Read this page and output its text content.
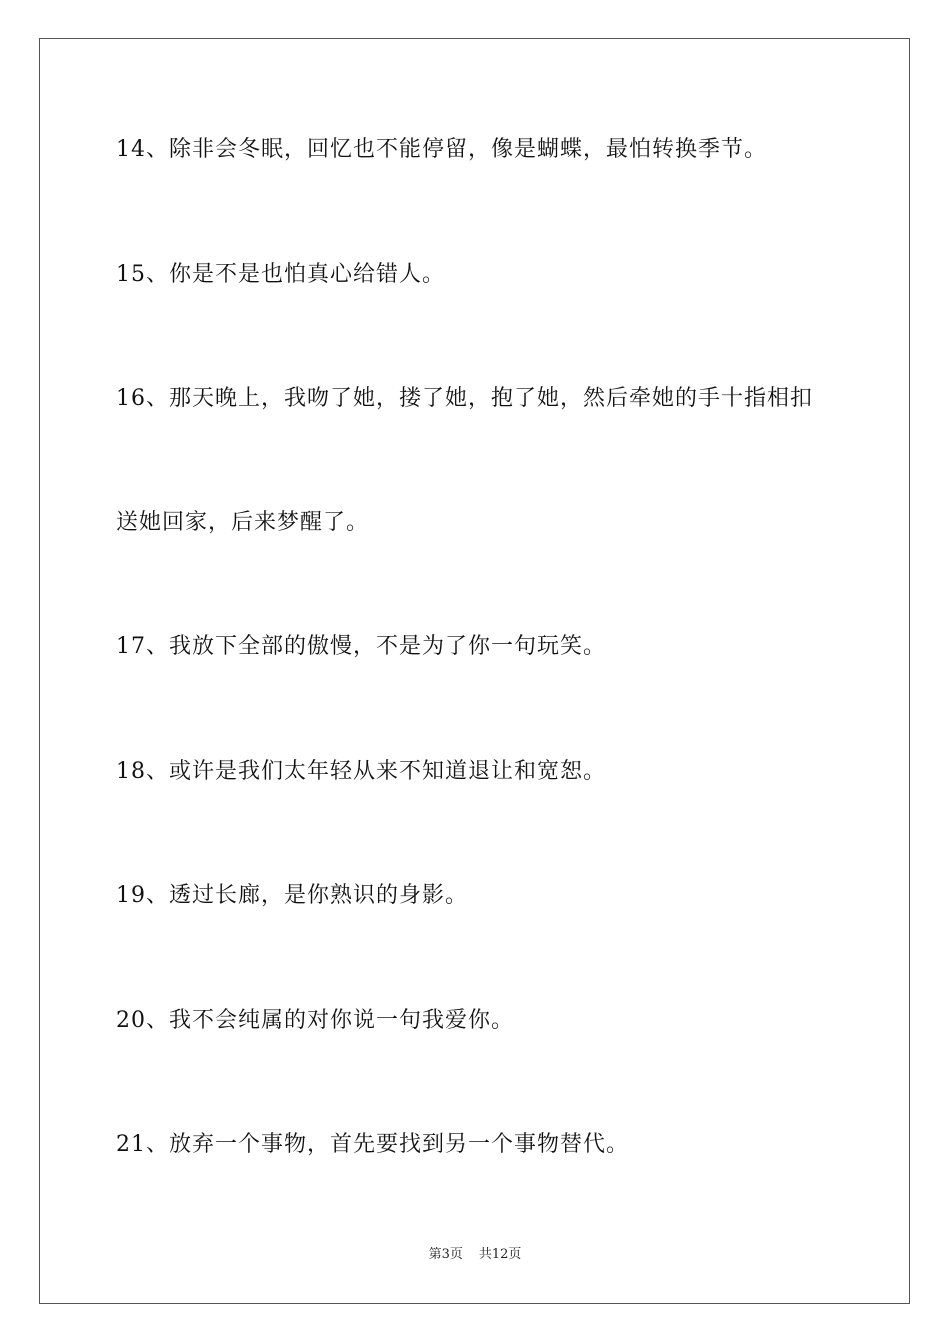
14、除非会冬眠，回忆也不能停留，像是蝴蝶，最怕转换季节。
15、你是不是也怕真心给错人。
16、那天晚上，我吻了她，搂了她，抱了她，然后牵她的手十指相扣
送她回家，后来梦醒了。
17、我放下全部的傲慢，不是为了你一句玩笑。
18、或许是我们太年轻从来不知道退让和宽恕。
19、透过长廊，是你熟识的身影。
20、我不会纯属的对你说一句我爱你。
21、放弃一个事物，首先要找到另一个事物替代。
第3页 共12页
